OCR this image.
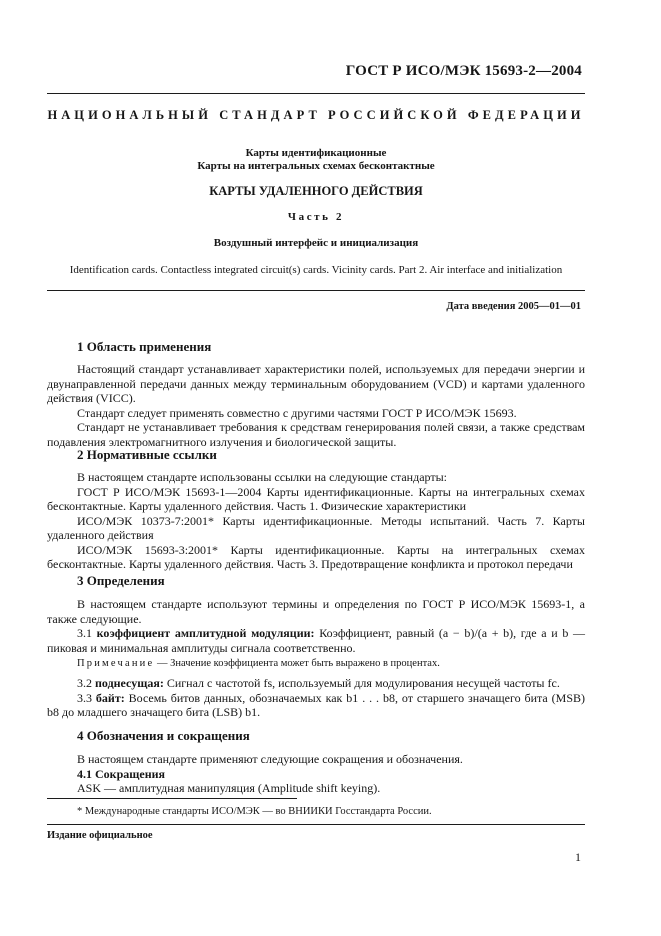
ГОСТ Р ИСО/МЭК 15693-2—2004
НАЦИОНАЛЬНЫЙ СТАНДАРТ РОССИЙСКОЙ ФЕДЕРАЦИИ
Карты идентификационные
Карты на интегральных схемах бесконтактные
КАРТЫ УДАЛЕННОГО ДЕЙСТВИЯ
Часть 2
Воздушный интерфейс и инициализация
Identification cards. Contactless integrated circuit(s) cards. Vicinity cards. Part 2. Air interface and initialization
Дата введения 2005—01—01
1 Область применения

Настоящий стандарт устанавливает характеристики полей, используемых для передачи энергии и двунаправленной передачи данных между терминальным оборудованием (VCD) и картами удаленного действия (VICC).

Стандарт следует применять совместно с другими частями ГОСТ Р ИСО/МЭК 15693.

Стандарт не устанавливает требования к средствам генерирования полей связи, а также средствам подавления электромагнитного излучения и биологической защиты.

2 Нормативные ссылки

В настоящем стандарте использованы ссылки на следующие стандарты:

ГОСТ Р ИСО/МЭК 15693-1—2004 Карты идентификационные. Карты на интегральных схемах бесконтактные. Карты удаленного действия. Часть 1. Физические характеристики

ИСО/МЭК 10373-7:2001* Карты идентификационные. Методы испытаний. Часть 7. Карты удаленного действия

ИСО/МЭК 15693-3:2001* Карты идентификационные. Карты на интегральных схемах бесконтактные. Карты удаленного действия. Часть 3. Предотвращение конфликта и протокол передачи

3 Определения

В настоящем стандарте используют термины и определения по ГОСТ Р ИСО/МЭК 15693-1, а также следующие.

3.1 коэффициент амплитудной модуляции: Коэффициент, равный (a − b)/(a + b), где a и b — пиковая и минимальная амплитуды сигнала соответственно.

Примечание — Значение коэффициента может быть выражено в процентах.

3.2 поднесущая: Сигнал с частотой fs, используемый для модулирования несущей частоты fc.

3.3 байт: Восемь битов данных, обозначаемых как b1 . . . b8, от старшего значащего бита (MSB) b8 до младшего значащего бита (LSB) b1.

4 Обозначения и сокращения

В настоящем стандарте применяют следующие сокращения и обозначения.

4.1 Сокращения

ASK — амплитудная манипуляция (Amplitude shift keying).

* Международные стандарты ИСО/МЭК — во ВНИИКИ Госстандарта России.
Издание официальное
1
